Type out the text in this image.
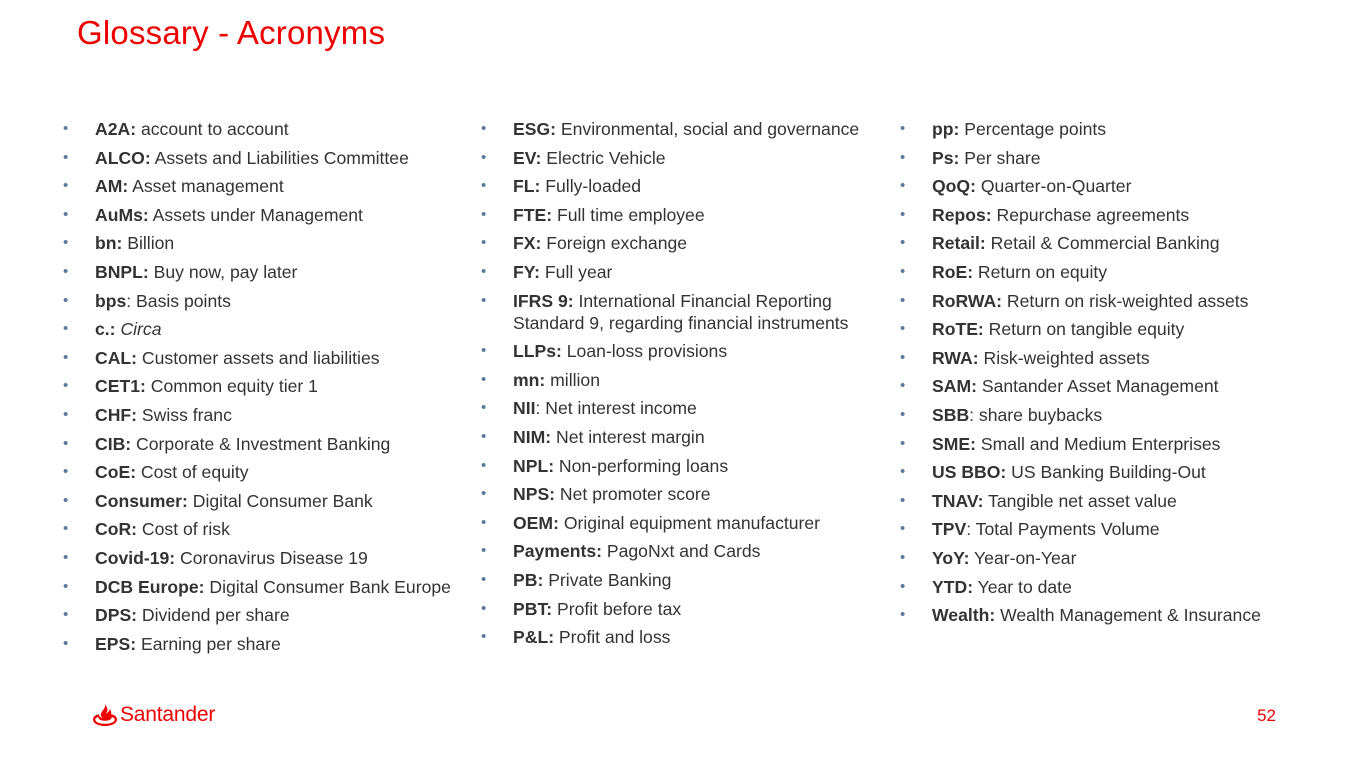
Glossary - Acronyms
• A2A: account to account
• ALCO: Assets and Liabilities Committee
• AM: Asset management
• AuMs: Assets under Management
• bn: Billion
• BNPL: Buy now, pay later
• bps: Basis points
• c.: Circa
• CAL: Customer assets and liabilities
• CET1: Common equity tier 1
• CHF: Swiss franc
• CIB: Corporate & Investment Banking
• CoE: Cost of equity
• Consumer: Digital Consumer Bank
• CoR: Cost of risk
• Covid-19: Coronavirus Disease 19
• DCB Europe: Digital Consumer Bank Europe
• DPS: Dividend per share
• EPS: Earning per share
• ESG: Environmental, social and governance
• EV: Electric Vehicle
• FL: Fully-loaded
• FTE: Full time employee
• FX: Foreign exchange
• FY: Full year
• IFRS 9: International Financial Reporting Standard 9, regarding financial instruments
• LLPs: Loan-loss provisions
• mn: million
• NII: Net interest income
• NIM: Net interest margin
• NPL: Non-performing loans
• NPS: Net promoter score
• OEM: Original equipment manufacturer
• Payments: PagoNxt and Cards
• PB: Private Banking
• PBT: Profit before tax
• P&L: Profit and loss
• pp: Percentage points
• Ps: Per share
• QoQ: Quarter-on-Quarter
• Repos: Repurchase agreements
• Retail: Retail & Commercial Banking
• RoE: Return on equity
• RoRWA: Return on risk-weighted assets
• RoTE: Return on tangible equity
• RWA: Risk-weighted assets
• SAM: Santander Asset Management
• SBB: share buybacks
• SME: Small and Medium Enterprises
• US BBO: US Banking Building-Out
• TNAV: Tangible net asset value
• TPV: Total Payments Volume
• YoY: Year-on-Year
• YTD: Year to date
• Wealth: Wealth Management & Insurance
Santander	52
